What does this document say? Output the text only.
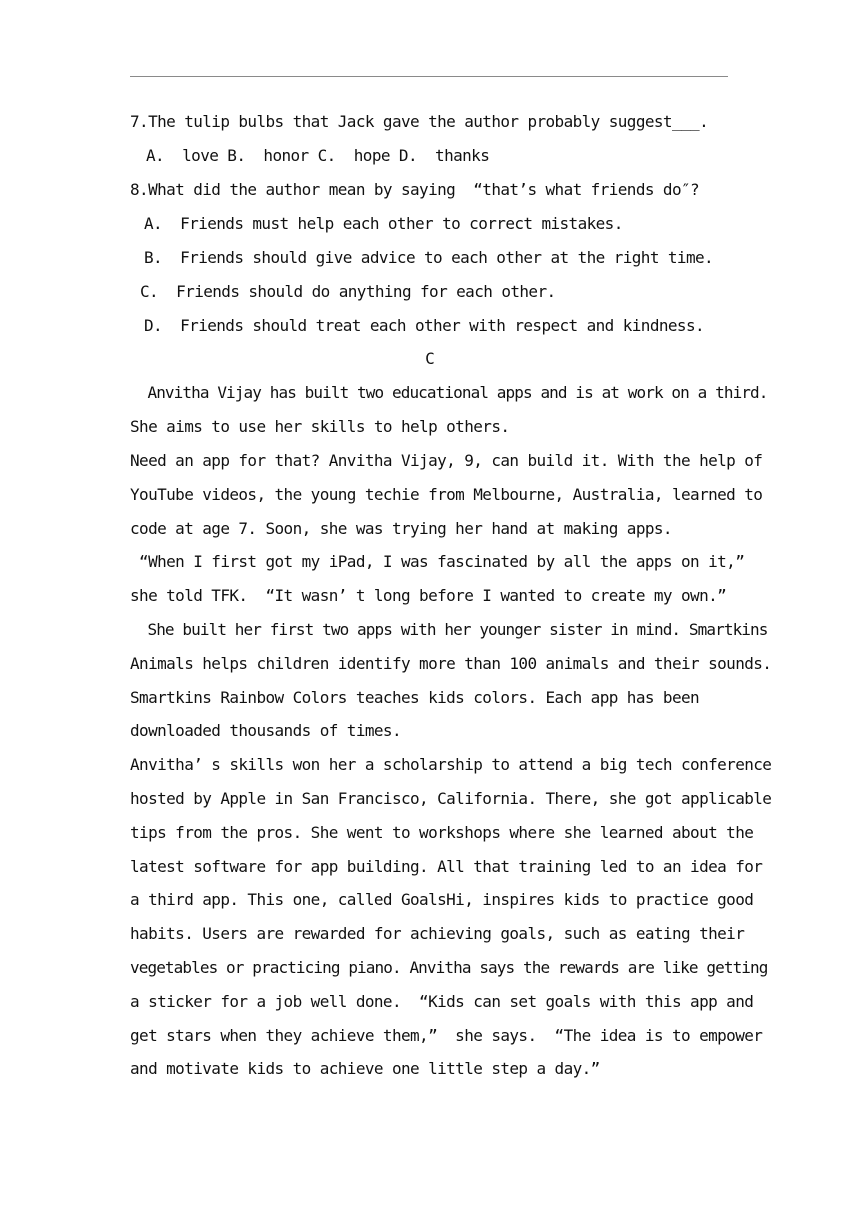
7.The tulip bulbs that Jack gave the author probably suggest___.
A.  love B.  honor C.  hope D.  thanks
8.What did the author mean by saying  “that’s what friends do″?
A.  Friends must help each other to correct mistakes.
B.  Friends should give advice to each other at the right time.
C.  Friends should do anything for each other.
D.  Friends should treat each other with respect and kindness.
C
Anvitha Vijay has built two educational apps and is at work on a third.
She aims to use her skills to help others.
Need an app for that? Anvitha Vijay, 9, can build it. With the help of
YouTube videos, the young techie from Melbourne, Australia, learned to
code at age 7. Soon, she was trying her hand at making apps.
“When I first got my iPad, I was fascinated by all the apps on it,”
she told TFK.  “It wasn’ t long before I wanted to create my own.”
She built her first two apps with her younger sister in mind. Smartkins
Animals helps children identify more than 100 animals and their sounds.
Smartkins Rainbow Colors teaches kids colors. Each app has been
downloaded thousands of times.
Anvitha’ s skills won her a scholarship to attend a big tech conference
hosted by Apple in San Francisco, California. There, she got applicable
tips from the pros. She went to workshops where she learned about the
latest software for app building. All that training led to an idea for
a third app. This one, called GoalsHi, inspires kids to practice good
habits. Users are rewarded for achieving goals, such as eating their
vegetables or practicing piano. Anvitha says the rewards are like getting
a sticker for a job well done.  “Kids can set goals with this app and
get stars when they achieve them,”  she says.  “The idea is to empower
and motivate kids to achieve one little step a day.”
